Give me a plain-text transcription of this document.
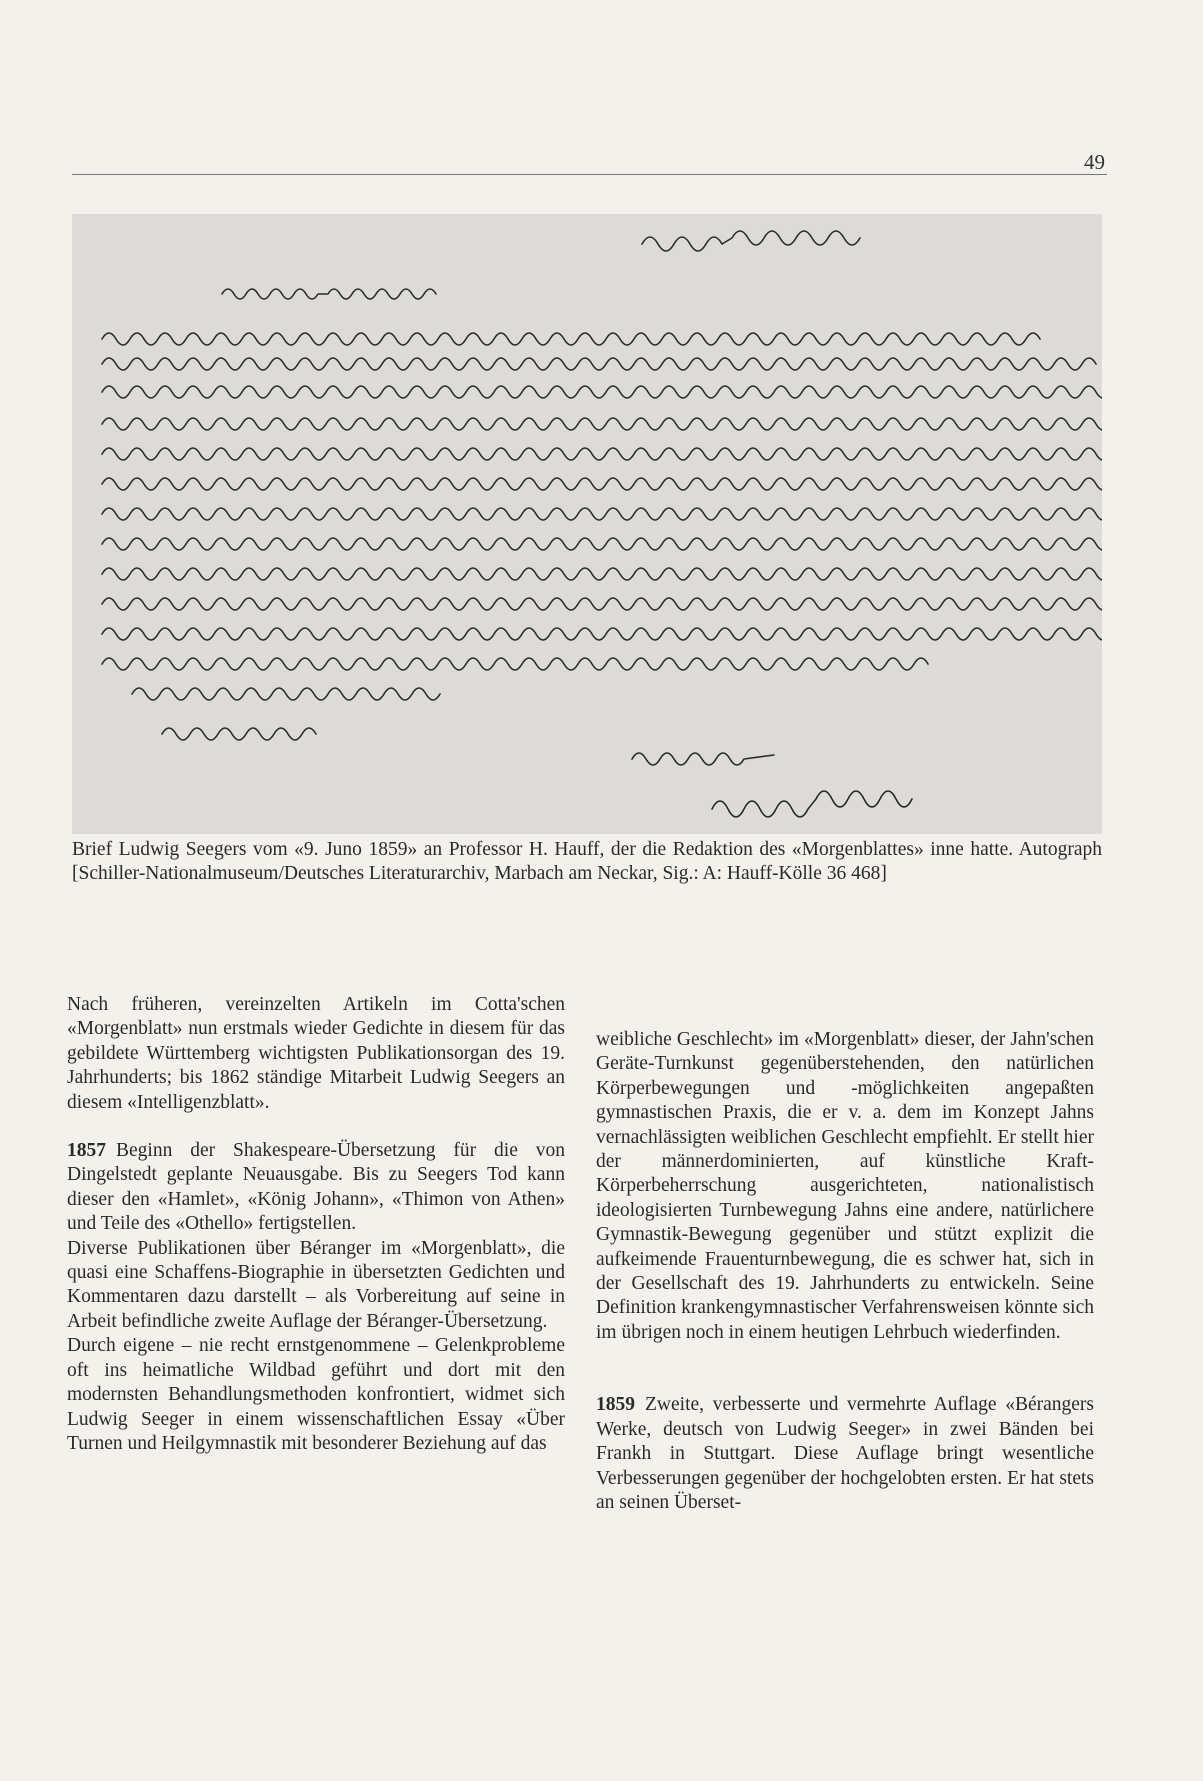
49
Brief Ludwig Seegers vom «9. Juno 1859» an Professor H. Hauff, der die Redaktion des «Morgenblattes» inne hatte. Autograph [Schiller-Nationalmuseum/Deutsches Literaturarchiv, Marbach am Neckar, Sig.: A: Hauff-Kölle 36 468]

Nach früheren, vereinzelten Artikeln im Cotta'schen «Morgenblatt» nun erstmals wieder Gedichte in diesem für das gebildete Württemberg wichtigsten Publikationsorgan des 19. Jahrhunderts; bis 1862 ständige Mitarbeit Ludwig Seegers an diesem «Intelligenzblatt».

1857 Beginn der Shakespeare-Übersetzung für die von Dingelstedt geplante Neuausgabe. Bis zu Seegers Tod kann dieser den «Hamlet», «König Johann», «Thimon von Athen» und Teile des «Othello» fertigstellen.

Diverse Publikationen über Béranger im «Morgenblatt», die quasi eine Schaffens-Biographie in übersetzten Gedichten und Kommentaren dazu darstellt – als Vorbereitung auf seine in Arbeit befindliche zweite Auflage der Béranger-Übersetzung.

Durch eigene – nie recht ernstgenommene – Gelenkprobleme oft ins heimatliche Wildbad geführt und dort mit den modernsten Behandlungsmethoden konfrontiert, widmet sich Ludwig Seeger in einem wissenschaftlichen Essay «Über Turnen und Heilgymnastik mit besonderer Beziehung auf das

weibliche Geschlecht» im «Morgenblatt» dieser, der Jahn'schen Geräte-Turnkunst gegenüberstehenden, den natürlichen Körperbewegungen und -möglichkeiten angepaßten gymnastischen Praxis, die er v. a. dem im Konzept Jahns vernachlässigten weiblichen Geschlecht empfiehlt. Er stellt hier der männerdominierten, auf künstliche Kraft-Körperbeherrschung ausgerichteten, nationalistisch ideologisierten Turnbewegung Jahns eine andere, natürlichere Gymnastik-Bewegung gegenüber und stützt explizit die aufkeimende Frauenturnbewegung, die es schwer hat, sich in der Gesellschaft des 19. Jahrhunderts zu entwickeln. Seine Definition krankengymnastischer Verfahrensweisen könnte sich im übrigen noch in einem heutigen Lehrbuch wiederfinden.

1859 Zweite, verbesserte und vermehrte Auflage «Bérangers Werke, deutsch von Ludwig Seeger» in zwei Bänden bei Frankh in Stuttgart. Diese Auflage bringt wesentliche Verbesserungen gegenüber der hochgelobten ersten. Er hat stets an seinen Überset-
